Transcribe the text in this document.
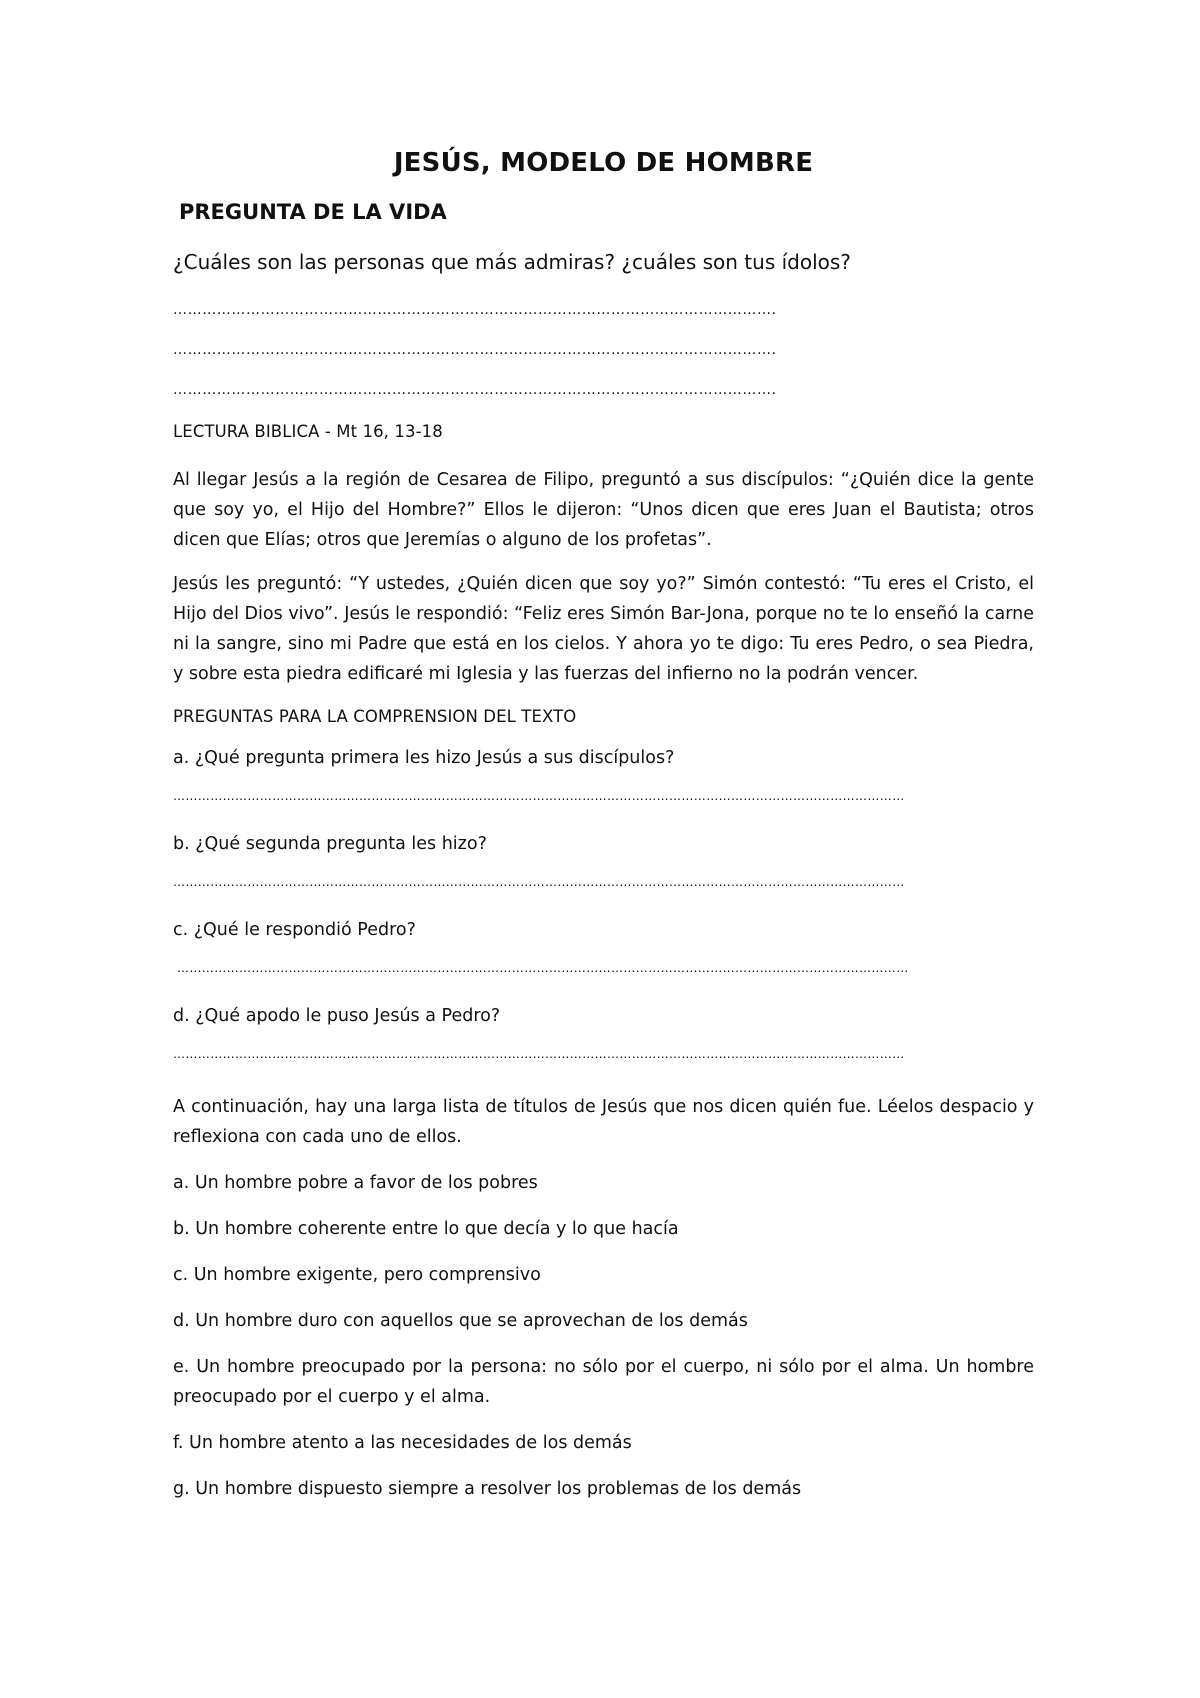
JESÚS, MODELO DE HOMBRE
PREGUNTA DE LA VIDA
¿Cuáles son las personas que más admiras? ¿cuáles son tus ídolos?
…………………………………………………………………………………………………………….
…………………………………………………………………………………………………………….
…………………………………………………………………………………………………………….
LECTURA BIBLICA - Mt 16, 13-18

Al llegar Jesús a la región de Cesarea de Filipo, preguntó a sus discípulos: “¿Quién dice la gente que soy yo, el Hijo del Hombre?” Ellos le dijeron: “Unos dicen que eres Juan el Bautista; otros dicen que Elías; otros que Jeremías o alguno de los profetas”.

Jesús les preguntó: “Y ustedes, ¿Quién dicen que soy yo?” Simón contestó: “Tu eres el Cristo, el Hijo del Dios vivo”. Jesús le respondió: “Feliz eres Simón Bar-Jona, porque no te lo enseñó la carne ni la sangre, sino mi Padre que está en los cielos. Y ahora yo te digo: Tu eres Pedro, o sea Piedra, y sobre esta piedra edificaré mi Iglesia y las fuerzas del infierno no la podrán vencer.

PREGUNTAS PARA LA COMPRENSION DEL TEXTO
a. ¿Qué pregunta primera les hizo Jesús a sus discípulos?
……………………………………………………………………………………………………………………………………………………………
b. ¿Qué segunda pregunta les hizo?
……………………………………………………………………………………………………………………………………………………………
c. ¿Qué le respondió Pedro?
……………………………………………………………………………………………………………………………………………………………
d. ¿Qué apodo le puso Jesús a Pedro?
……………………………………………………………………………………………………………………………………………………………

A continuación, hay una larga lista de títulos de Jesús que nos dicen quién fue. Léelos despacio y reflexiona con cada uno de ellos.

a. Un hombre pobre a favor de los pobres
b. Un hombre coherente entre lo que decía y lo que hacía
c. Un hombre exigente, pero comprensivo
d. Un hombre duro con aquellos que se aprovechan de los demás
e. Un hombre preocupado por la persona: no sólo por el cuerpo, ni sólo por el alma. Un hombre preocupado por el cuerpo y el alma.
f. Un hombre atento a las necesidades de los demás
g. Un hombre dispuesto siempre a resolver los problemas de los demás
